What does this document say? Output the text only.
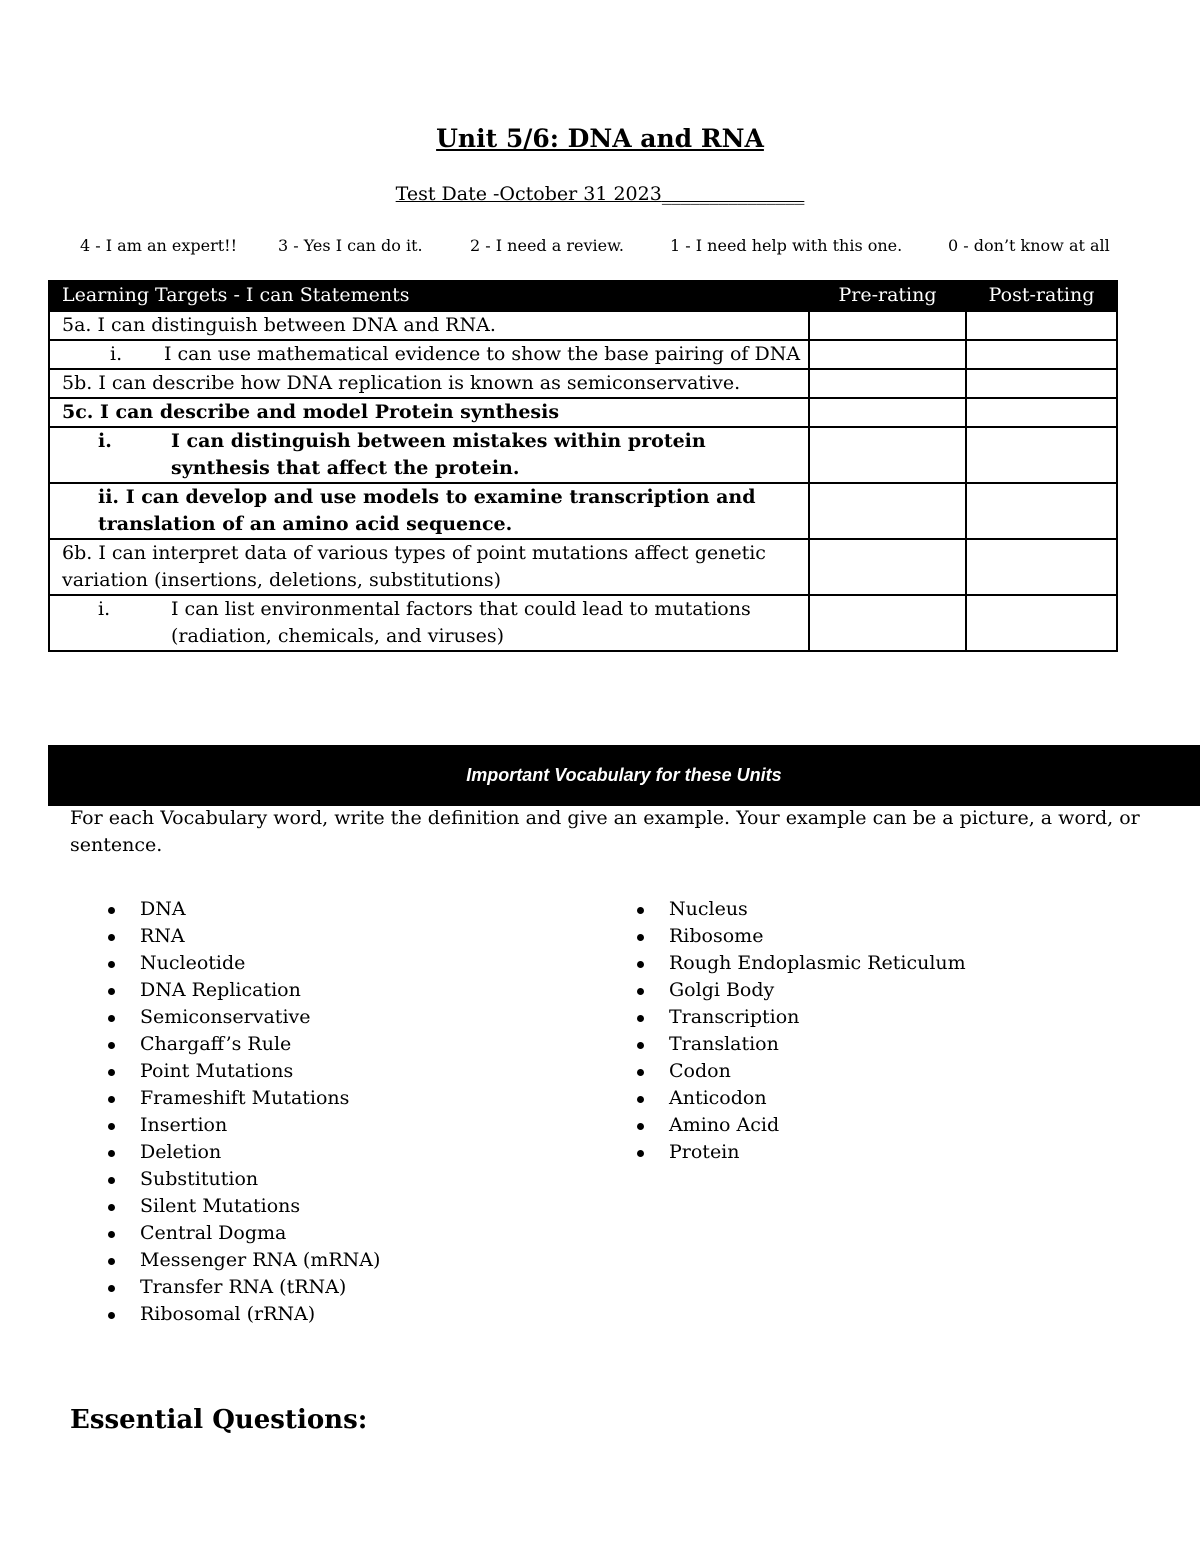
Unit 5/6: DNA and RNA
Test Date -October 31 2023_______________
4 - I am an expert!!	3 - Yes I can do it.	2 - I need a review.	1 - I need help with this one.	0 - don’t know at all
Learning Targets - I can Statements	Pre-rating	Post-rating
5a. I can distinguish between DNA and RNA.		

i. I can use mathematical evidence to show the base pairing of DNA		

5b. I can describe how DNA replication is known as semiconservative.		
5c. I can describe and model Protein synthesis		

i. I can distinguish between mistakes within protein synthesis that affect the protein.		

ii. I can develop and use models to examine transcription and translation of an amino acid sequence.		

6b. I can interpret data of various types of point mutations affect genetic variation (insertions, deletions, substitutions)		

i. I can list environmental factors that could lead to mutations (radiation, chemicals, and viruses)		

Important Vocabulary for these Units
For each Vocabulary word, write the definition and give an example. Your example can be a picture, a word, or sentence.
DNA
RNA
Nucleotide
DNA Replication
Semiconservative
Chargaff’s Rule
Point Mutations
Frameshift Mutations
Insertion
Deletion
Substitution
Silent Mutations
Central Dogma
Messenger RNA (mRNA)
Transfer RNA (tRNA)
Ribosomal (rRNA)
Nucleus
Ribosome
Rough Endoplasmic Reticulum
Golgi Body
Transcription
Translation
Codon
Anticodon
Amino Acid
Protein
Essential Questions:
